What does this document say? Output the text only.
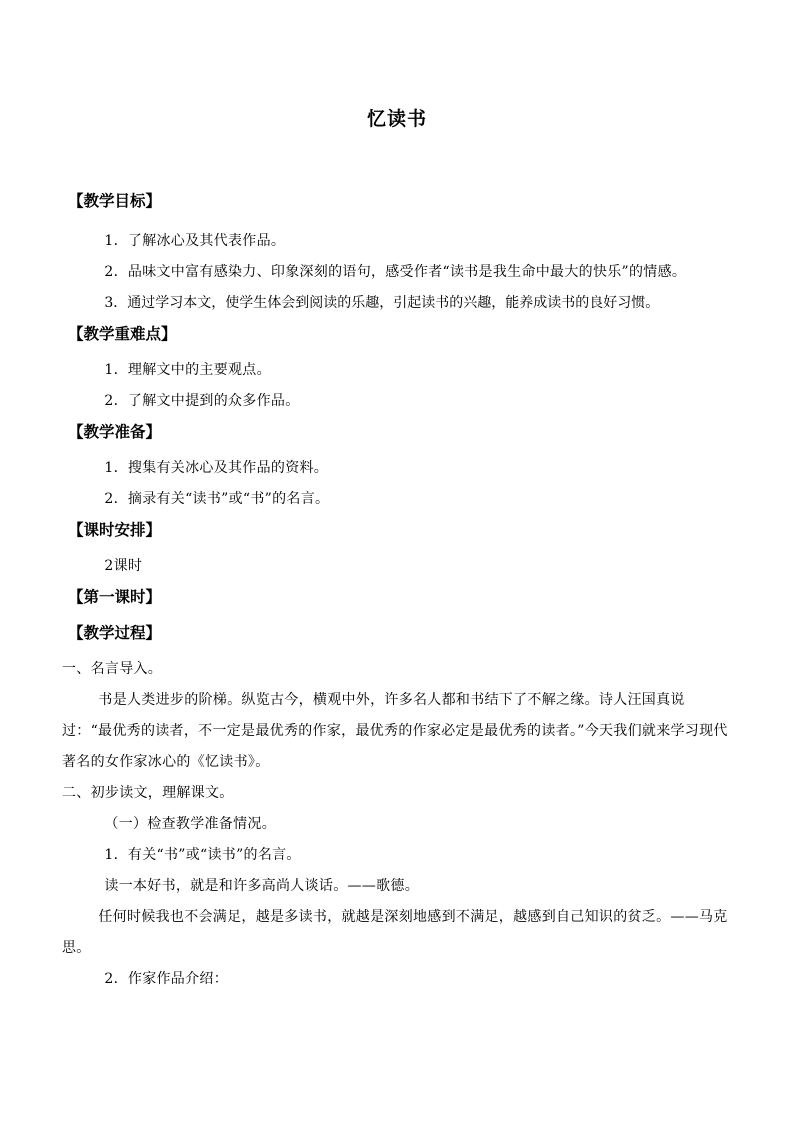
忆读书
【教学目标】

1．了解冰心及其代表作品。

2．品味文中富有感染力、印象深刻的语句，感受作者“读书是我生命中最大的快乐”的情感。

3．通过学习本文，使学生体会到阅读的乐趣，引起读书的兴趣，能养成读书的良好习惯。

【教学重难点】

1．理解文中的主要观点。

2．了解文中提到的众多作品。

【教学准备】

1．搜集有关冰心及其作品的资料。

2．摘录有关“读书”或“书”的名言。

【课时安排】

2课时

【第一课时】
【教学过程】

一、名言导入。

书是人类进步的阶梯。纵览古今，横观中外，许多名人都和书结下了不解之缘。诗人汪国真说过：“最优秀的读者，不一定是最优秀的作家，最优秀的作家必定是最优秀的读者。”今天我们就来学习现代著名的女作家冰心的《忆读书》。

二、初步读文，理解课文。

（一）检查教学准备情况。

1．有关“书”或“读书”的名言。

读一本好书，就是和许多高尚人谈话。——歌德。

任何时候我也不会满足，越是多读书，就越是深刻地感到不满足，越感到自己知识的贫乏。——马克思。

2．作家作品介绍：
